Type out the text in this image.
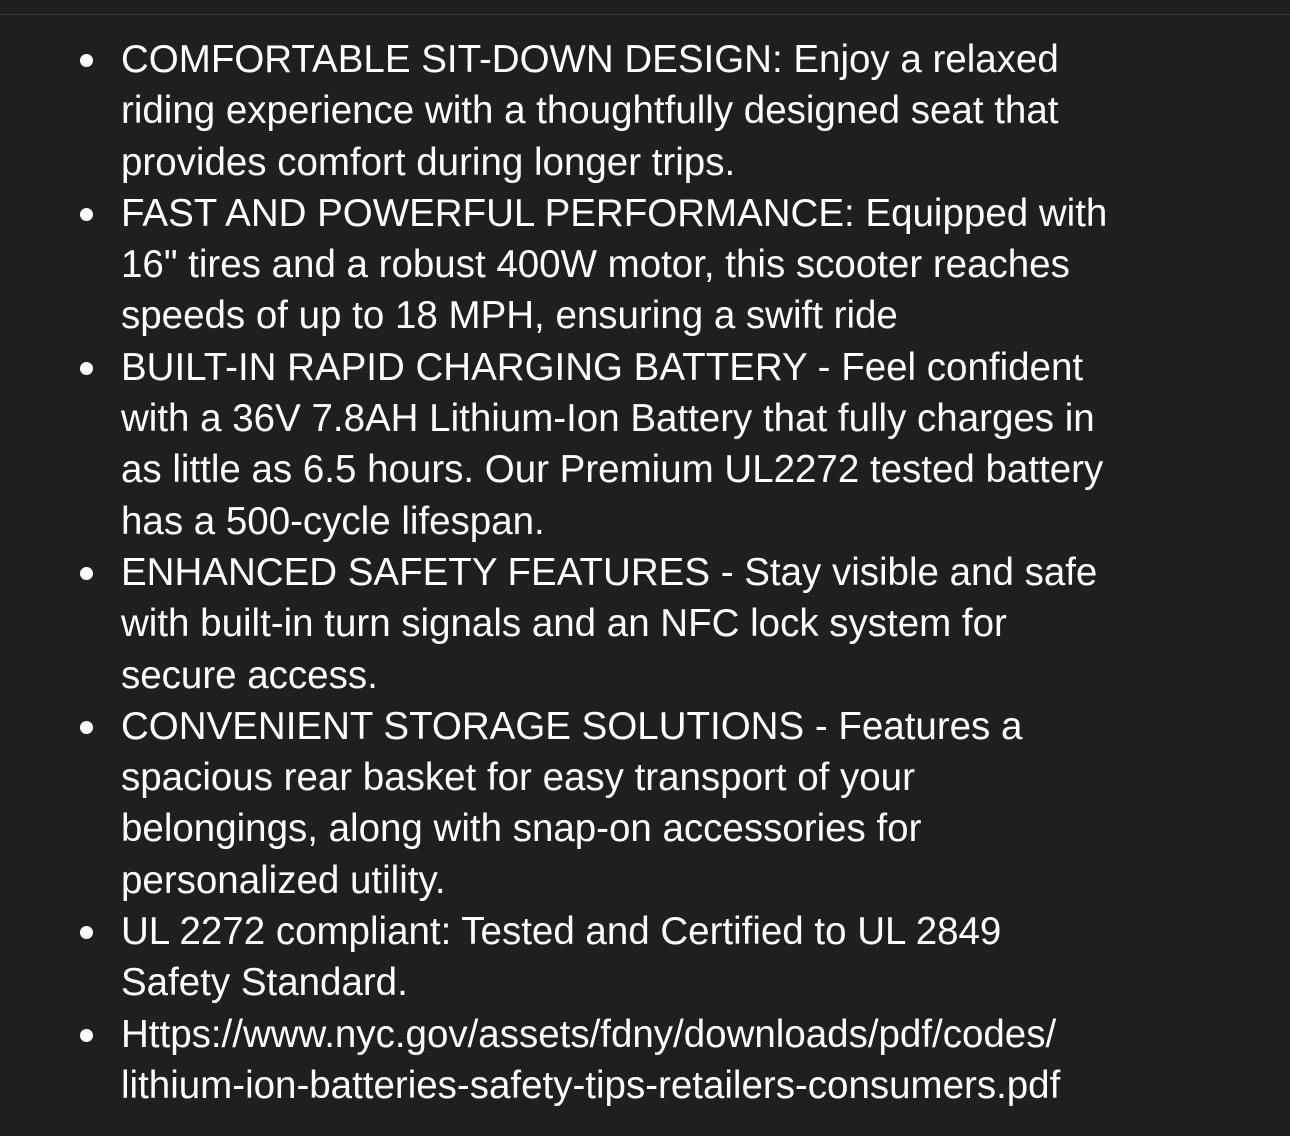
COMFORTABLE SIT-DOWN DESIGN: Enjoy a relaxed
riding experience with a thoughtfully designed seat that
provides comfort during longer trips.
FAST AND POWERFUL PERFORMANCE: Equipped with
16" tires and a robust 400W motor, this scooter reaches
speeds of up to 18 MPH, ensuring a swift ride
BUILT-IN RAPID CHARGING BATTERY - Feel confident
with a 36V 7.8AH Lithium-Ion Battery that fully charges in
as little as 6.5 hours. Our Premium UL2272 tested battery
has a 500-cycle lifespan.
ENHANCED SAFETY FEATURES - Stay visible and safe
with built-in turn signals and an NFC lock system for
secure access.
CONVENIENT STORAGE SOLUTIONS - Features a
spacious rear basket for easy transport of your
belongings, along with snap-on accessories for
personalized utility.
UL 2272 compliant: Tested and Certified to UL 2849
Safety Standard.
Https://www.nyc.gov/assets/fdny/downloads/pdf/codes/
lithium-ion-batteries-safety-tips-retailers-consumers.pdf
